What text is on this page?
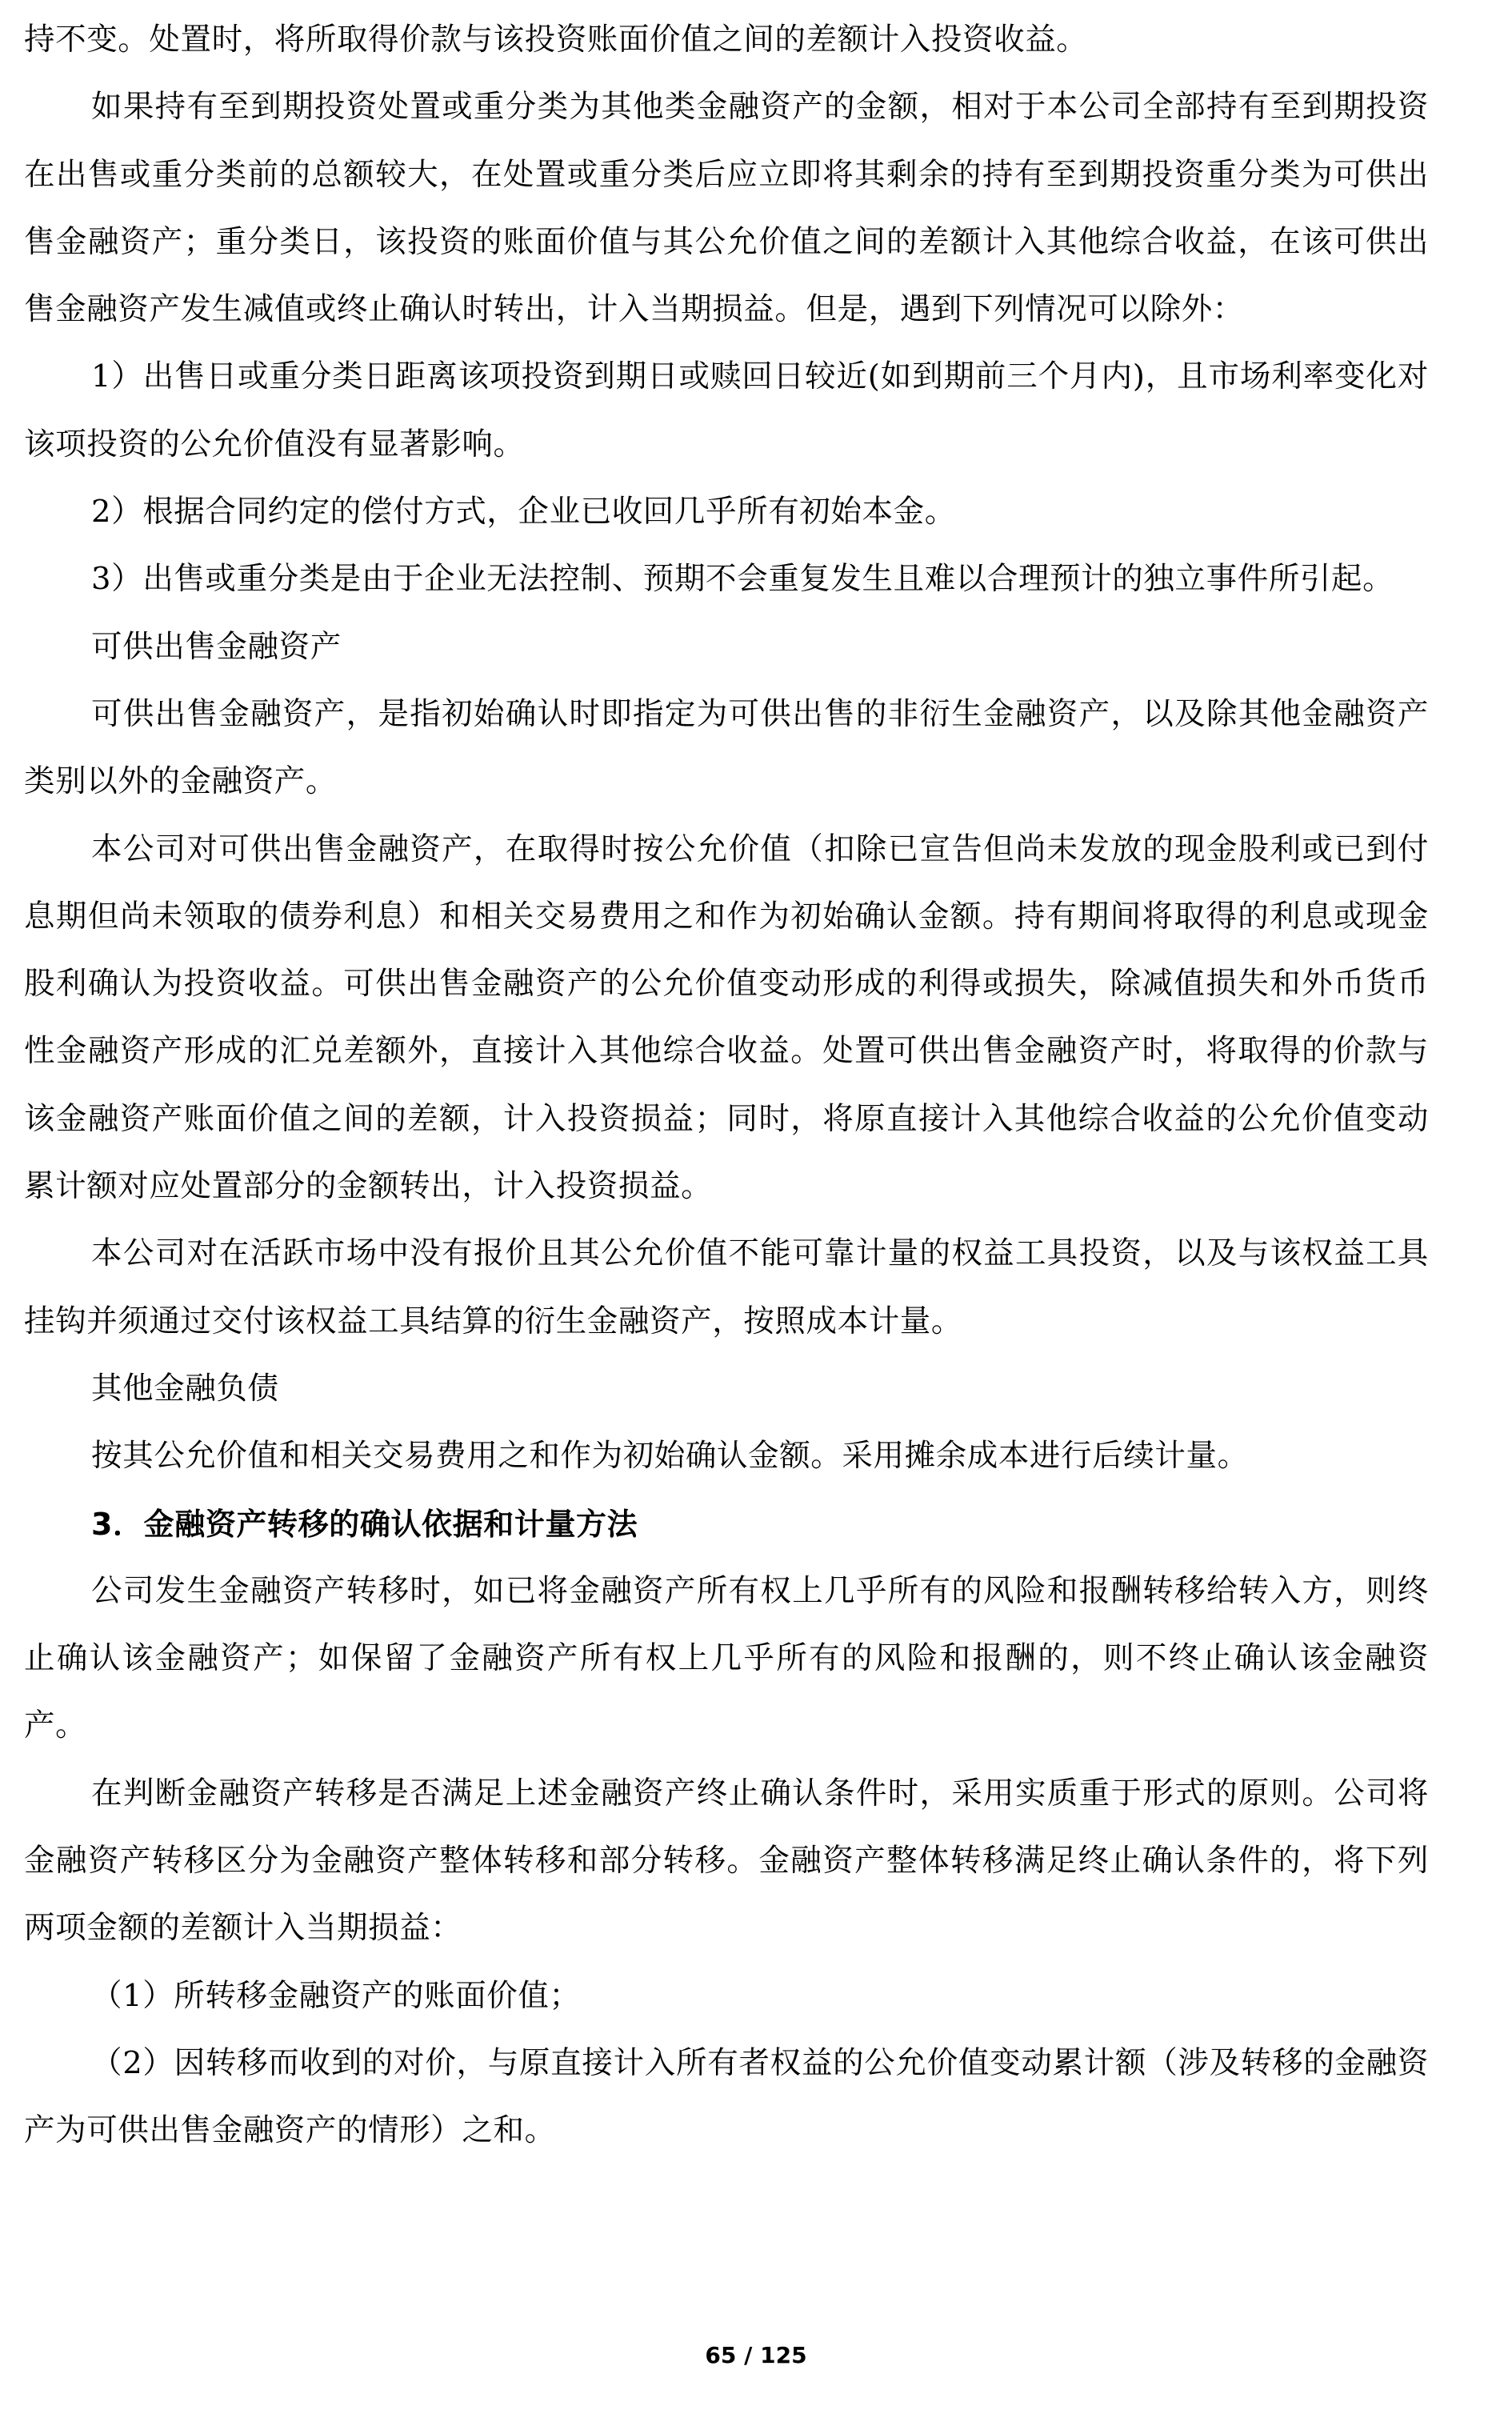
持不变。处置时，将所取得价款与该投资账面价值之间的差额计入投资收益。

如果持有至到期投资处置或重分类为其他类金融资产的金额，相对于本公司全部持有至到期投资在出售或重分类前的总额较大，在处置或重分类后应立即将其剩余的持有至到期投资重分类为可供出售金融资产；重分类日，该投资的账面价值与其公允价值之间的差额计入其他综合收益，在该可供出售金融资产发生减值或终止确认时转出，计入当期损益。但是，遇到下列情况可以除外：

1）出售日或重分类日距离该项投资到期日或赎回日较近(如到期前三个月内)，且市场利率变化对该项投资的公允价值没有显著影响。

2）根据合同约定的偿付方式，企业已收回几乎所有初始本金。

3）出售或重分类是由于企业无法控制、预期不会重复发生且难以合理预计的独立事件所引起。

可供出售金融资产

可供出售金融资产，是指初始确认时即指定为可供出售的非衍生金融资产，以及除其他金融资产类别以外的金融资产。

本公司对可供出售金融资产，在取得时按公允价值（扣除已宣告但尚未发放的现金股利或已到付息期但尚未领取的债券利息）和相关交易费用之和作为初始确认金额。持有期间将取得的利息或现金股利确认为投资收益。可供出售金融资产的公允价值变动形成的利得或损失，除减值损失和外币货币性金融资产形成的汇兑差额外，直接计入其他综合收益。处置可供出售金融资产时，将取得的价款与该金融资产账面价值之间的差额，计入投资损益；同时，将原直接计入其他综合收益的公允价值变动累计额对应处置部分的金额转出，计入投资损益。

本公司对在活跃市场中没有报价且其公允价值不能可靠计量的权益工具投资，以及与该权益工具挂钩并须通过交付该权益工具结算的衍生金融资产，按照成本计量。

其他金融负债

按其公允价值和相关交易费用之和作为初始确认金额。采用摊余成本进行后续计量。

3．金融资产转移的确认依据和计量方法

公司发生金融资产转移时，如已将金融资产所有权上几乎所有的风险和报酬转移给转入方，则终止确认该金融资产；如保留了金融资产所有权上几乎所有的风险和报酬的，则不终止确认该金融资产。

在判断金融资产转移是否满足上述金融资产终止确认条件时，采用实质重于形式的原则。公司将金融资产转移区分为金融资产整体转移和部分转移。金融资产整体转移满足终止确认条件的，将下列两项金额的差额计入当期损益：

（1）所转移金融资产的账面价值；

（2）因转移而收到的对价，与原直接计入所有者权益的公允价值变动累计额（涉及转移的金融资产为可供出售金融资产的情形）之和。

65 / 125
